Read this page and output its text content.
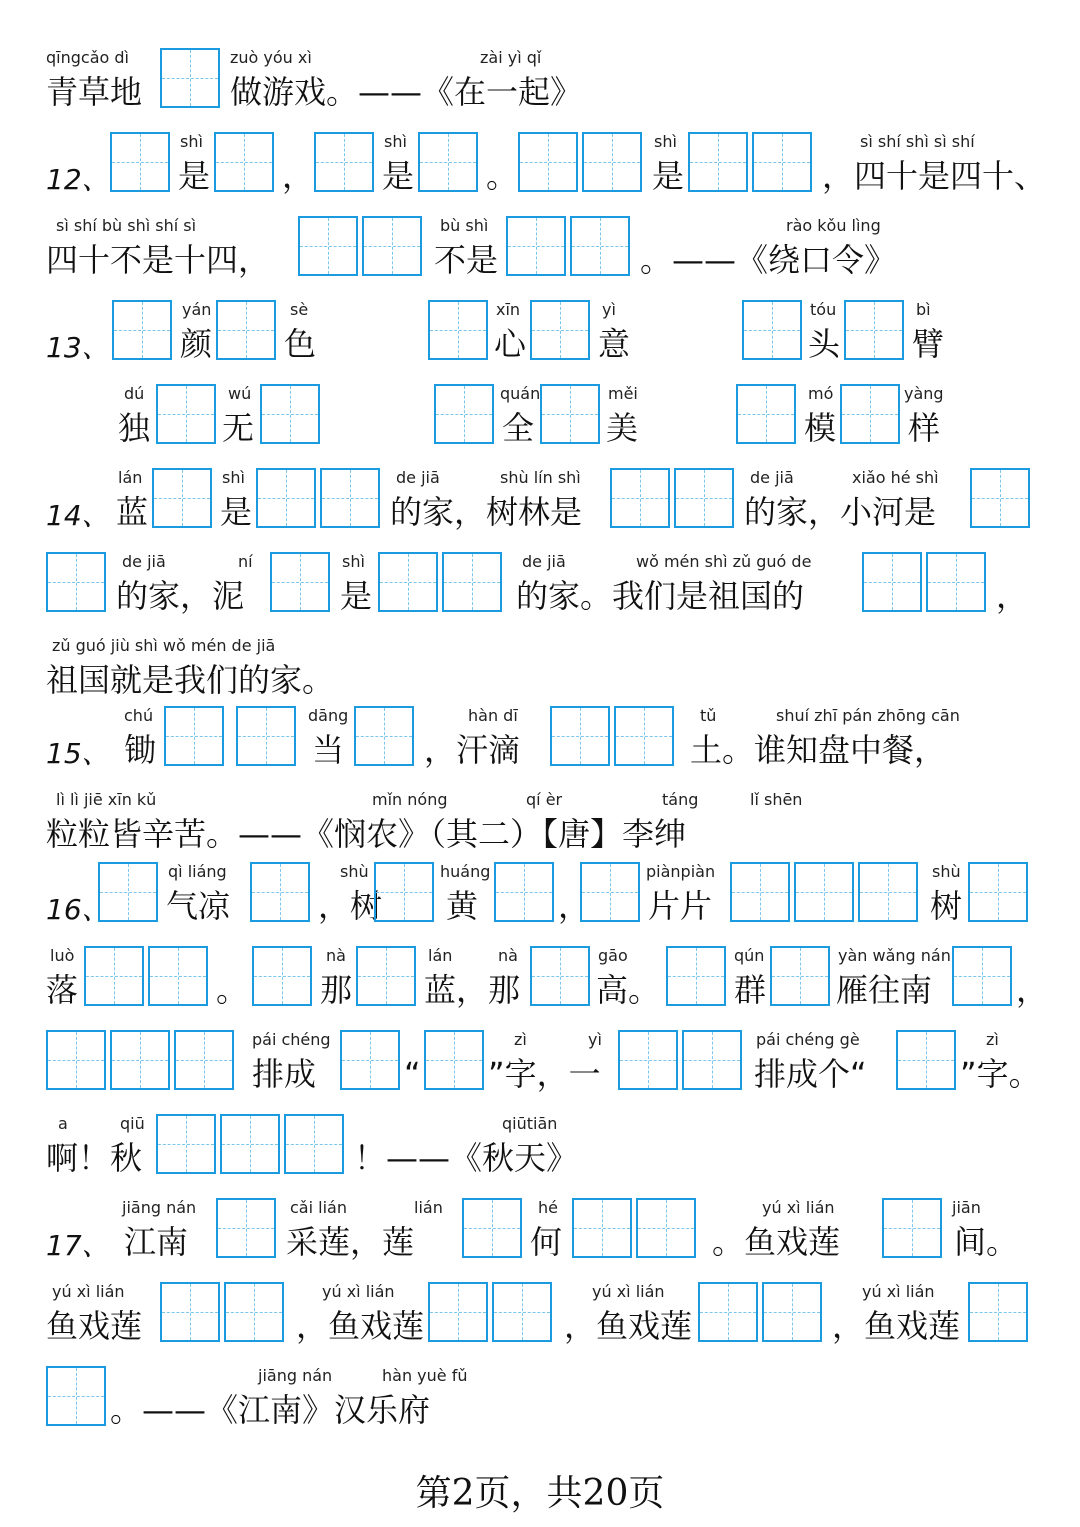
qīngcǎo dì
青草地
zuò yóu xì
做游戏。——《在一起》
zài yì qǐ
12、
shì
是 ，
shì
是 。
shì
是
sì shí shì sì shí
，四十是四十、
sì shí bù shì shí sì
四十不是十四，
bù shì
不是
rào kǒu lìng
。——《绕口令》
13、
yán
颜
sè
色
xīn
心
yì
意
tóu
头
bì
臂
dú
独
wú
无
quán
全
měi
美
mó
模
yàng
样
14、
lán
蓝
shì
是
de jiā
的家，树林是
shù lín shì	de jiā
的家，小河是
xiǎo hé shì
de jiā
的家，泥
ní	shì
是
de jiā
的家。我们是祖国的
wǒ mén shì zǔ guó de
，
zǔ guó jiù shì wǒ mén de jiā
祖国就是我们的家。
15、
chú
锄
dāng
当 ，汗滴
hàn dī	tǔ
土。谁知盘中餐，
shuí zhī pán zhōng cān
lì lì jiē xīn kǔ
粒粒皆辛苦。——《悯农》（其二）【唐】李绅
mǐn nóng	qí èr	táng	lǐ shēn
16、
qì liáng
气凉
shù
，树
huáng
黄 ，
piànpiàn
片片
shù
树
luò
落	。
nà
那
lán
蓝，那
nà	gāo
高。
qún
群
yàn wǎng nán
雁往南	，
pái chéng
排成	“
zì
”字，一
yì	pái chéng gè
排成个“
zì
”字。
a	qiū
啊！秋	！——《秋天》
qiūtiān
17、
jiāng nán
江南
cǎi lián
采莲，莲
lián	hé
何	。鱼戏莲
yú xì lián	jiān
间。
yú xì lián
鱼戏莲
yú xì lián
，鱼戏莲
yú xì lián
，鱼戏莲
yú xì lián
，鱼戏莲
。——《江南》汉乐府
jiāng nán	hàn yuè fǔ
第2页，共20页
